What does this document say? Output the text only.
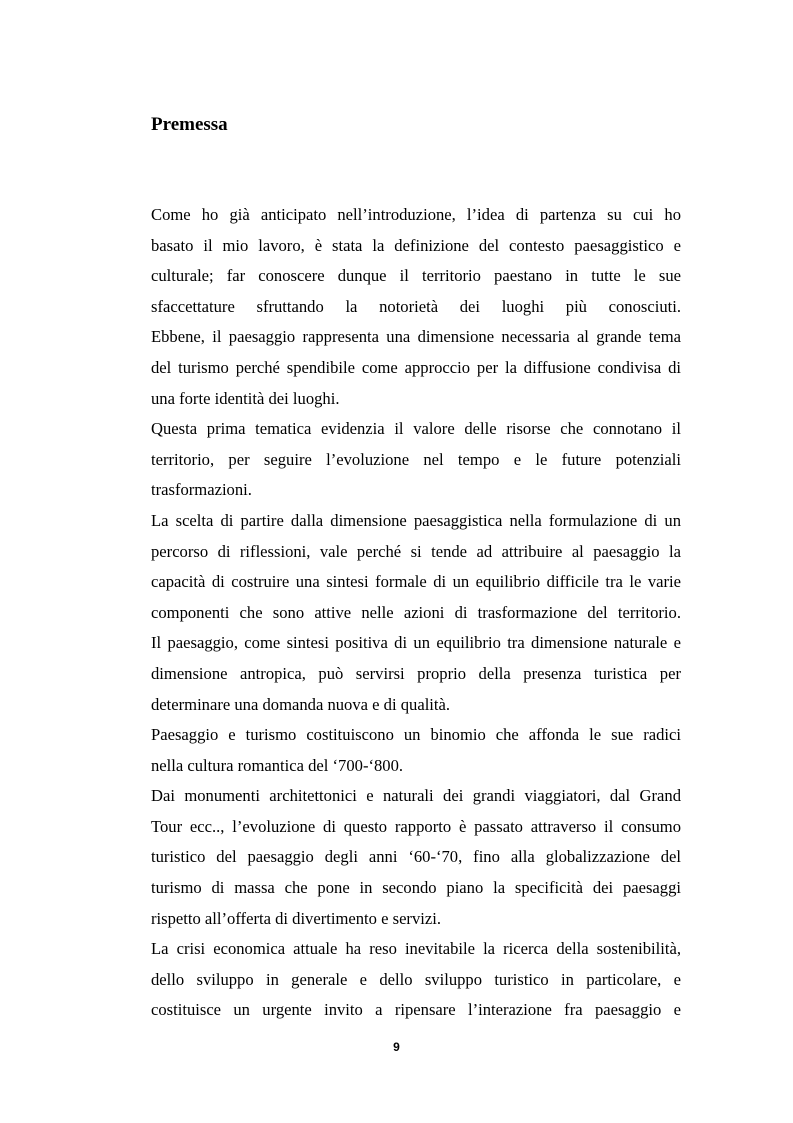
Premessa
Come ho già anticipato nell’introduzione, l’idea di partenza su cui ho
basato il mio lavoro, è stata la definizione del contesto paesaggistico e
culturale; far conoscere dunque il territorio paestano in tutte le sue
sfaccettature sfruttando la notorietà dei luoghi più conosciuti.
Ebbene, il paesaggio rappresenta una dimensione necessaria al grande tema
del turismo perché spendibile come approccio per la diffusione condivisa di
una forte identità dei luoghi.
Questa prima tematica evidenzia il valore delle risorse che connotano il
territorio, per seguire l’evoluzione nel tempo e le future potenziali
trasformazioni.
La scelta di partire dalla dimensione paesaggistica nella formulazione di un
percorso di riflessioni, vale perché si tende ad attribuire al paesaggio la
capacità di costruire una sintesi formale di un equilibrio difficile tra le varie
componenti che sono attive nelle azioni di trasformazione del territorio.
Il paesaggio, come sintesi positiva di un equilibrio tra dimensione naturale e
dimensione antropica, può servirsi proprio della presenza turistica per
determinare una domanda nuova e di qualità.
Paesaggio e turismo costituiscono un binomio che affonda le sue radici
nella cultura romantica del ‘700-‘800.
Dai monumenti architettonici e naturali dei grandi viaggiatori, dal Grand
Tour ecc.., l’evoluzione di questo rapporto è passato attraverso il consumo
turistico del paesaggio degli anni ‘60-‘70, fino alla globalizzazione del
turismo di massa che pone in secondo piano la specificità dei paesaggi
rispetto all’offerta di divertimento e servizi.
La crisi economica attuale ha reso inevitabile la ricerca della sostenibilità,
dello sviluppo in generale e dello sviluppo turistico in particolare, e
costituisce un urgente invito a ripensare l’interazione fra paesaggio e
9
